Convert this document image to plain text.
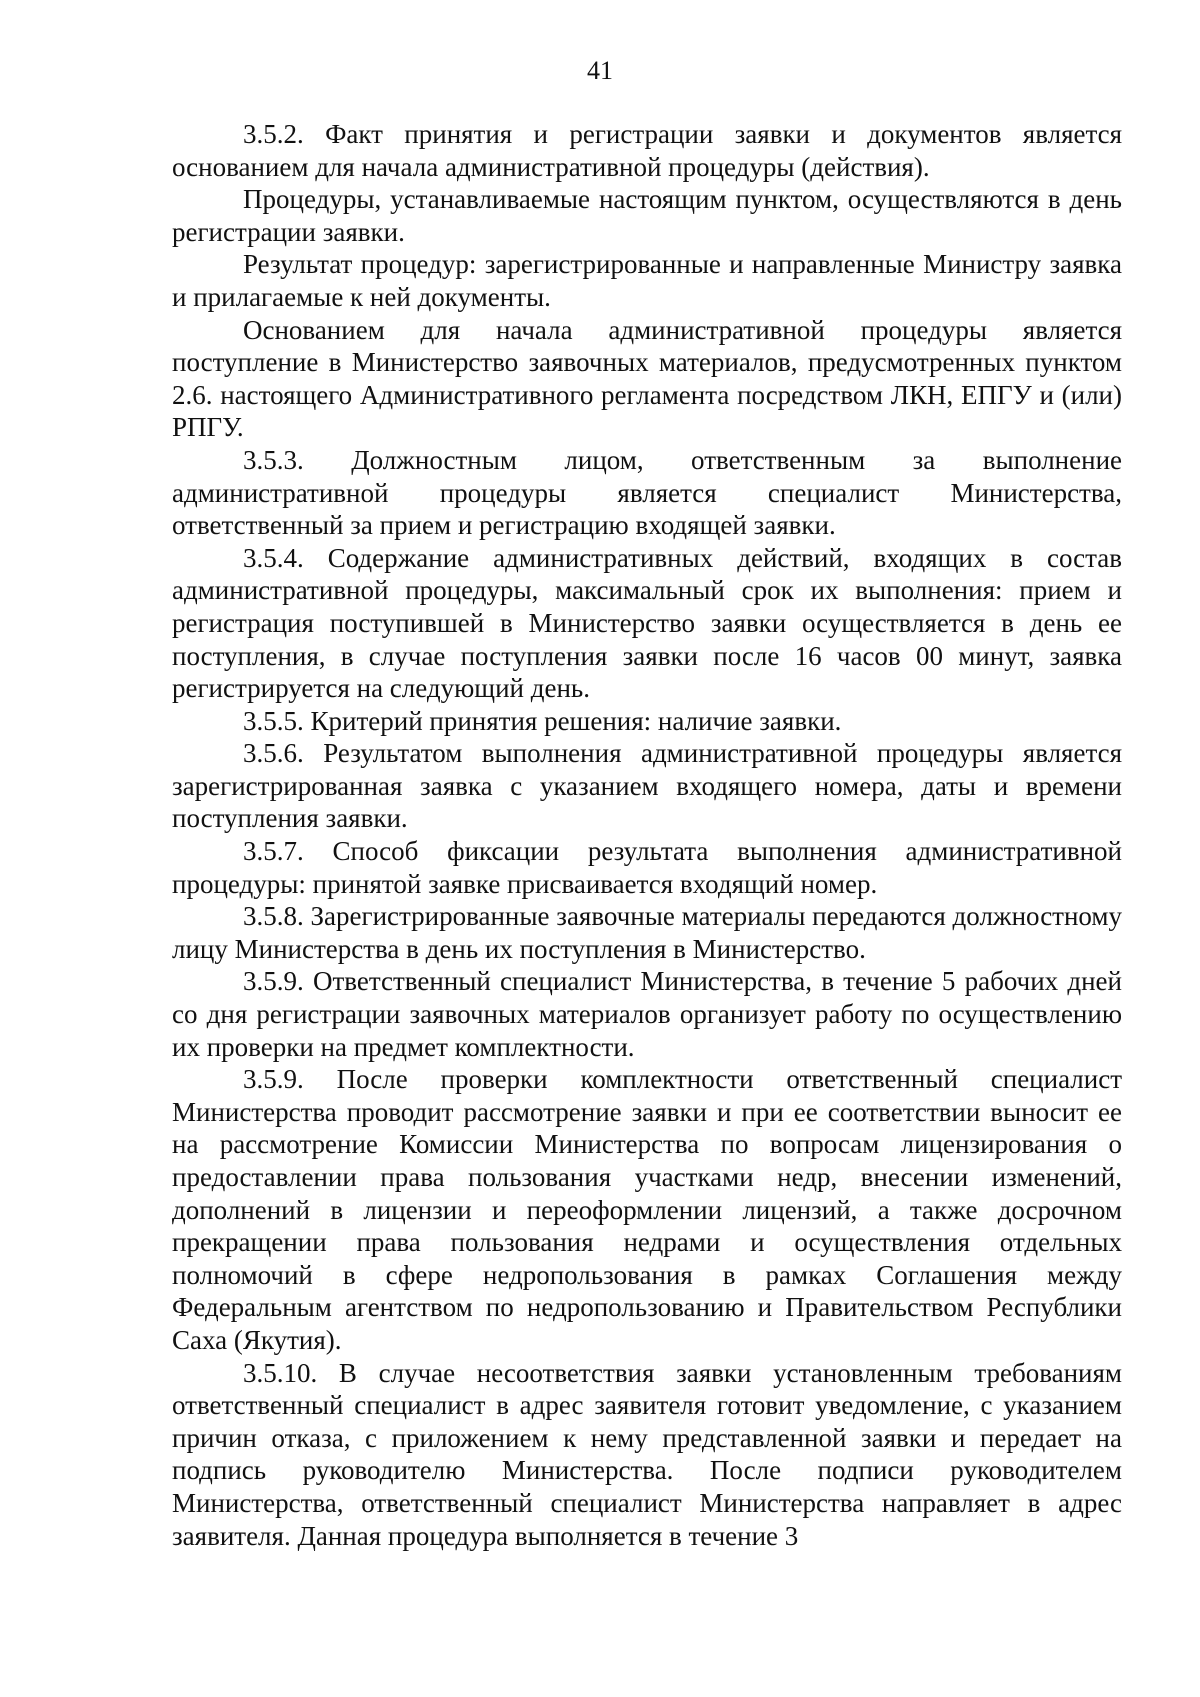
41

3.5.2. Факт принятия и регистрации заявки и документов является основанием для начала административной процедуры (действия).

Процедуры, устанавливаемые настоящим пунктом, осуществляются в день регистрации заявки.

Результат процедур: зарегистрированные и направленные Министру заявка и прилагаемые к ней документы.

Основанием для начала административной процедуры является поступление в Министерство заявочных материалов, предусмотренных пунктом 2.6. настоящего Административного регламента посредством ЛКН, ЕПГУ и (или) РПГУ.

3.5.3. Должностным лицом, ответственным за выполнение административной процедуры является специалист Министерства, ответственный за прием и регистрацию входящей заявки.

3.5.4. Содержание административных действий, входящих в состав административной процедуры, максимальный срок их выполнения: прием и регистрация поступившей в Министерство заявки осуществляется в день ее поступления, в случае поступления заявки после 16 часов 00 минут, заявка регистрируется на следующий день.

3.5.5. Критерий принятия решения: наличие заявки.

3.5.6. Результатом выполнения административной процедуры является зарегистрированная заявка с указанием входящего номера, даты и времени поступления заявки.

3.5.7. Способ фиксации результата выполнения административной процедуры: принятой заявке присваивается входящий номер.

3.5.8. Зарегистрированные заявочные материалы передаются должностному лицу Министерства в день их поступления в Министерство.

3.5.9. Ответственный специалист Министерства, в течение 5 рабочих дней со дня регистрации заявочных материалов организует работу по осуществлению их проверки на предмет комплектности.

3.5.9. После проверки комплектности ответственный специалист Министерства проводит рассмотрение заявки и при ее соответствии выносит ее на рассмотрение Комиссии Министерства по вопросам лицензирования о предоставлении права пользования участками недр, внесении изменений, дополнений в лицензии и переоформлении лицензий, а также досрочном прекращении права пользования недрами и осуществления отдельных полномочий в сфере недропользования в рамках Соглашения между Федеральным агентством по недропользованию и Правительством Республики Саха (Якутия).

3.5.10. В случае несоответствия заявки установленным требованиям ответственный специалист в адрес заявителя готовит уведомление, с указанием причин отказа, с приложением к нему представленной заявки и передает на подпись руководителю Министерства. После подписи руководителем Министерства, ответственный специалист Министерства направляет в адрес заявителя. Данная процедура выполняется в течение 3
